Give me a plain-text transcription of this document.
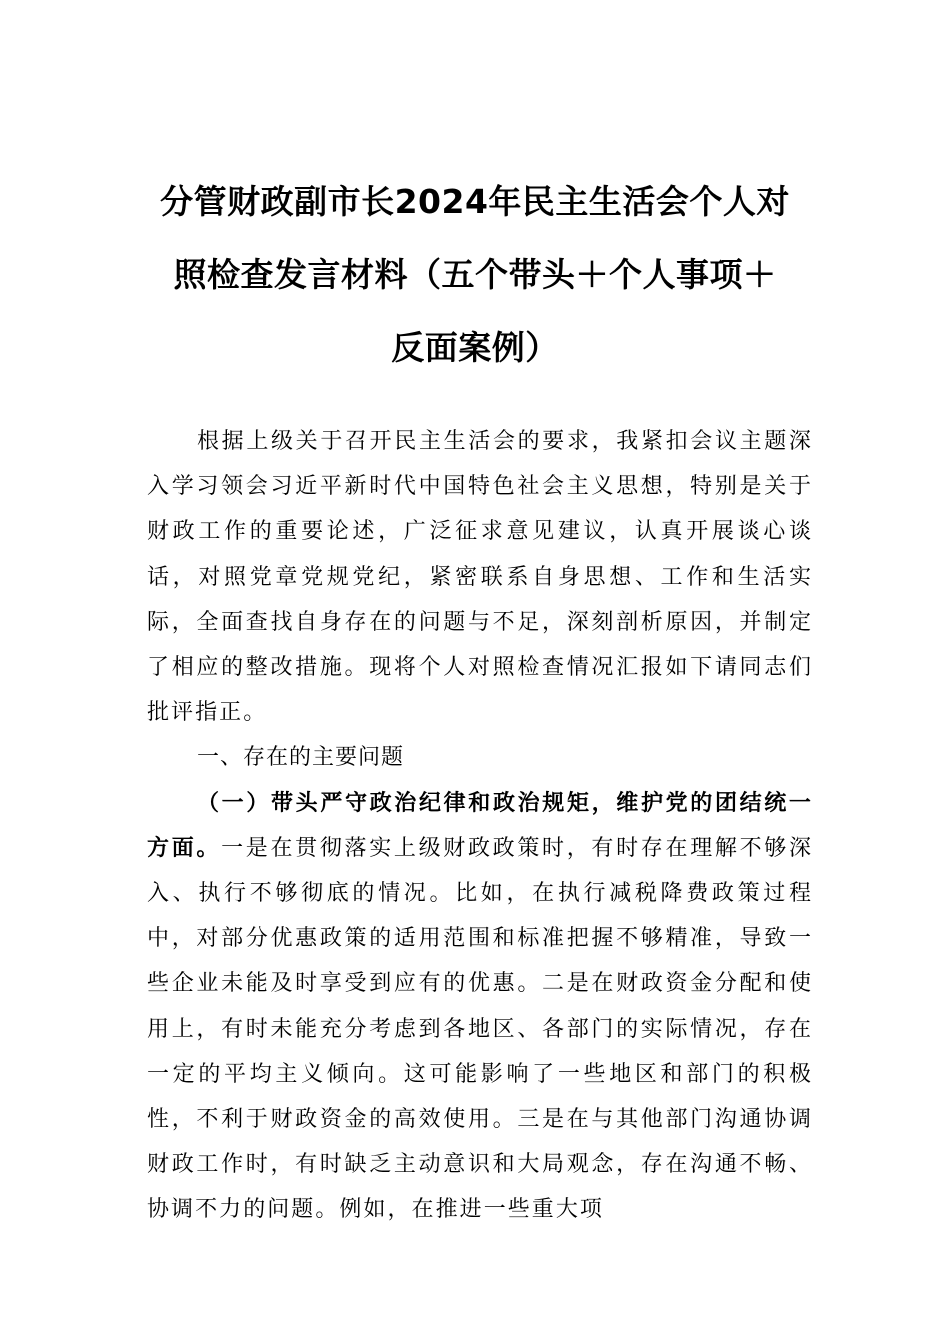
分管财政副市长2024年民主生活会个人对
照检查发言材料（五个带头＋个人事项＋
反面案例）

根据上级关于召开民主生活会的要求，我紧扣会议主题深入学习领会习近平新时代中国特色社会主义思想，特别是关于财政工作的重要论述，广泛征求意见建议，认真开展谈心谈话，对照党章党规党纪，紧密联系自身思想、工作和生活实际，全面查找自身存在的问题与不足，深刻剖析原因，并制定了相应的整改措施。现将个人对照检查情况汇报如下请同志们批评指正。

一、存在的主要问题

（一）带头严守政治纪律和政治规矩，维护党的团结统一方面。一是在贯彻落实上级财政政策时，有时存在理解不够深入、执行不够彻底的情况。比如，在执行减税降费政策过程中，对部分优惠政策的适用范围和标准把握不够精准，导致一些企业未能及时享受到应有的优惠。二是在财政资金分配和使用上，有时未能充分考虑到各地区、各部门的实际情况，存在一定的平均主义倾向。这可能影响了一些地区和部门的积极性，不利于财政资金的高效使用。三是在与其他部门沟通协调财政工作时，有时缺乏主动意识和大局观念，存在沟通不畅、协调不力的问题。例如，在推进一些重大项
